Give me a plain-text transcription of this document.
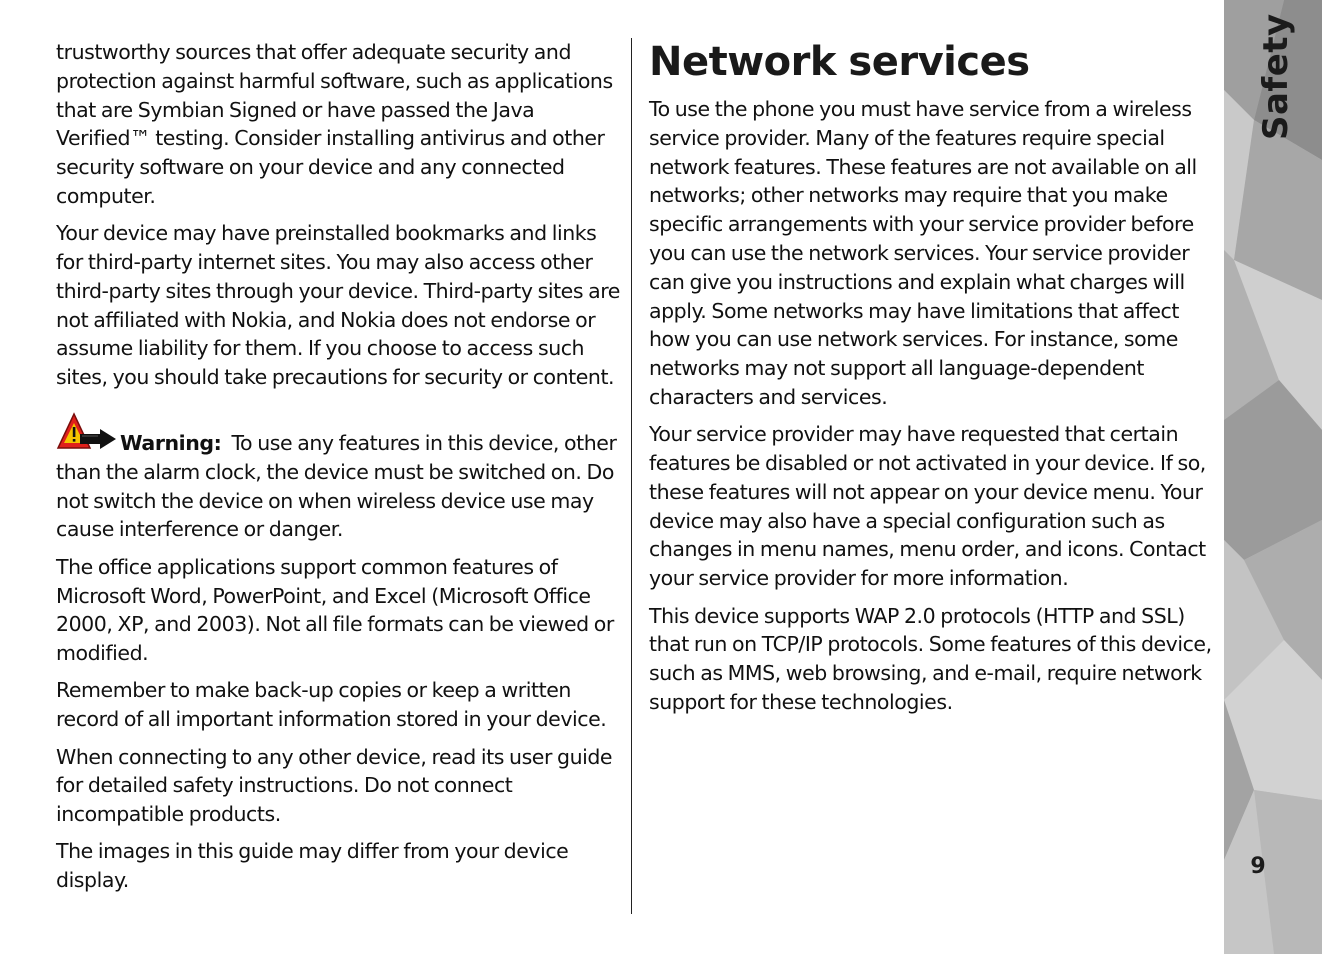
trustworthy sources that offer adequate security and protection against harmful software, such as applications that are Symbian Signed or have passed the Java Verified™ testing. Consider installing antivirus and other security software on your device and any connected computer.

Your device may have preinstalled bookmarks and links for third-party internet sites. You may also access other third-party sites through your device. Third-party sites are not affiliated with Nokia, and Nokia does not endorse or assume liability for them. If you choose to access such sites, you should take precautions for security or content.

Warning: To use any features in this device, other than the alarm clock, the device must be switched on. Do not switch the device on when wireless device use may cause interference or danger.

The office applications support common features of Microsoft Word, PowerPoint, and Excel (Microsoft Office 2000, XP, and 2003). Not all file formats can be viewed or modified.

Remember to make back-up copies or keep a written record of all important information stored in your device.

When connecting to any other device, read its user guide for detailed safety instructions. Do not connect incompatible products.

The images in this guide may differ from your device display.

Network services

To use the phone you must have service from a wireless service provider. Many of the features require special network features. These features are not available on all networks; other networks may require that you make specific arrangements with your service provider before you can use the network services. Your service provider can give you instructions and explain what charges will apply. Some networks may have limitations that affect how you can use network services. For instance, some networks may not support all language-dependent characters and services.

Your service provider may have requested that certain features be disabled or not activated in your device. If so, these features will not appear on your device menu. Your device may also have a special configuration such as changes in menu names, menu order, and icons. Contact your service provider for more information.

This device supports WAP 2.0 protocols (HTTP and SSL) that run on TCP/IP protocols. Some features of this device, such as MMS, web browsing, and e-mail, require network support for these technologies.

Safety
9
